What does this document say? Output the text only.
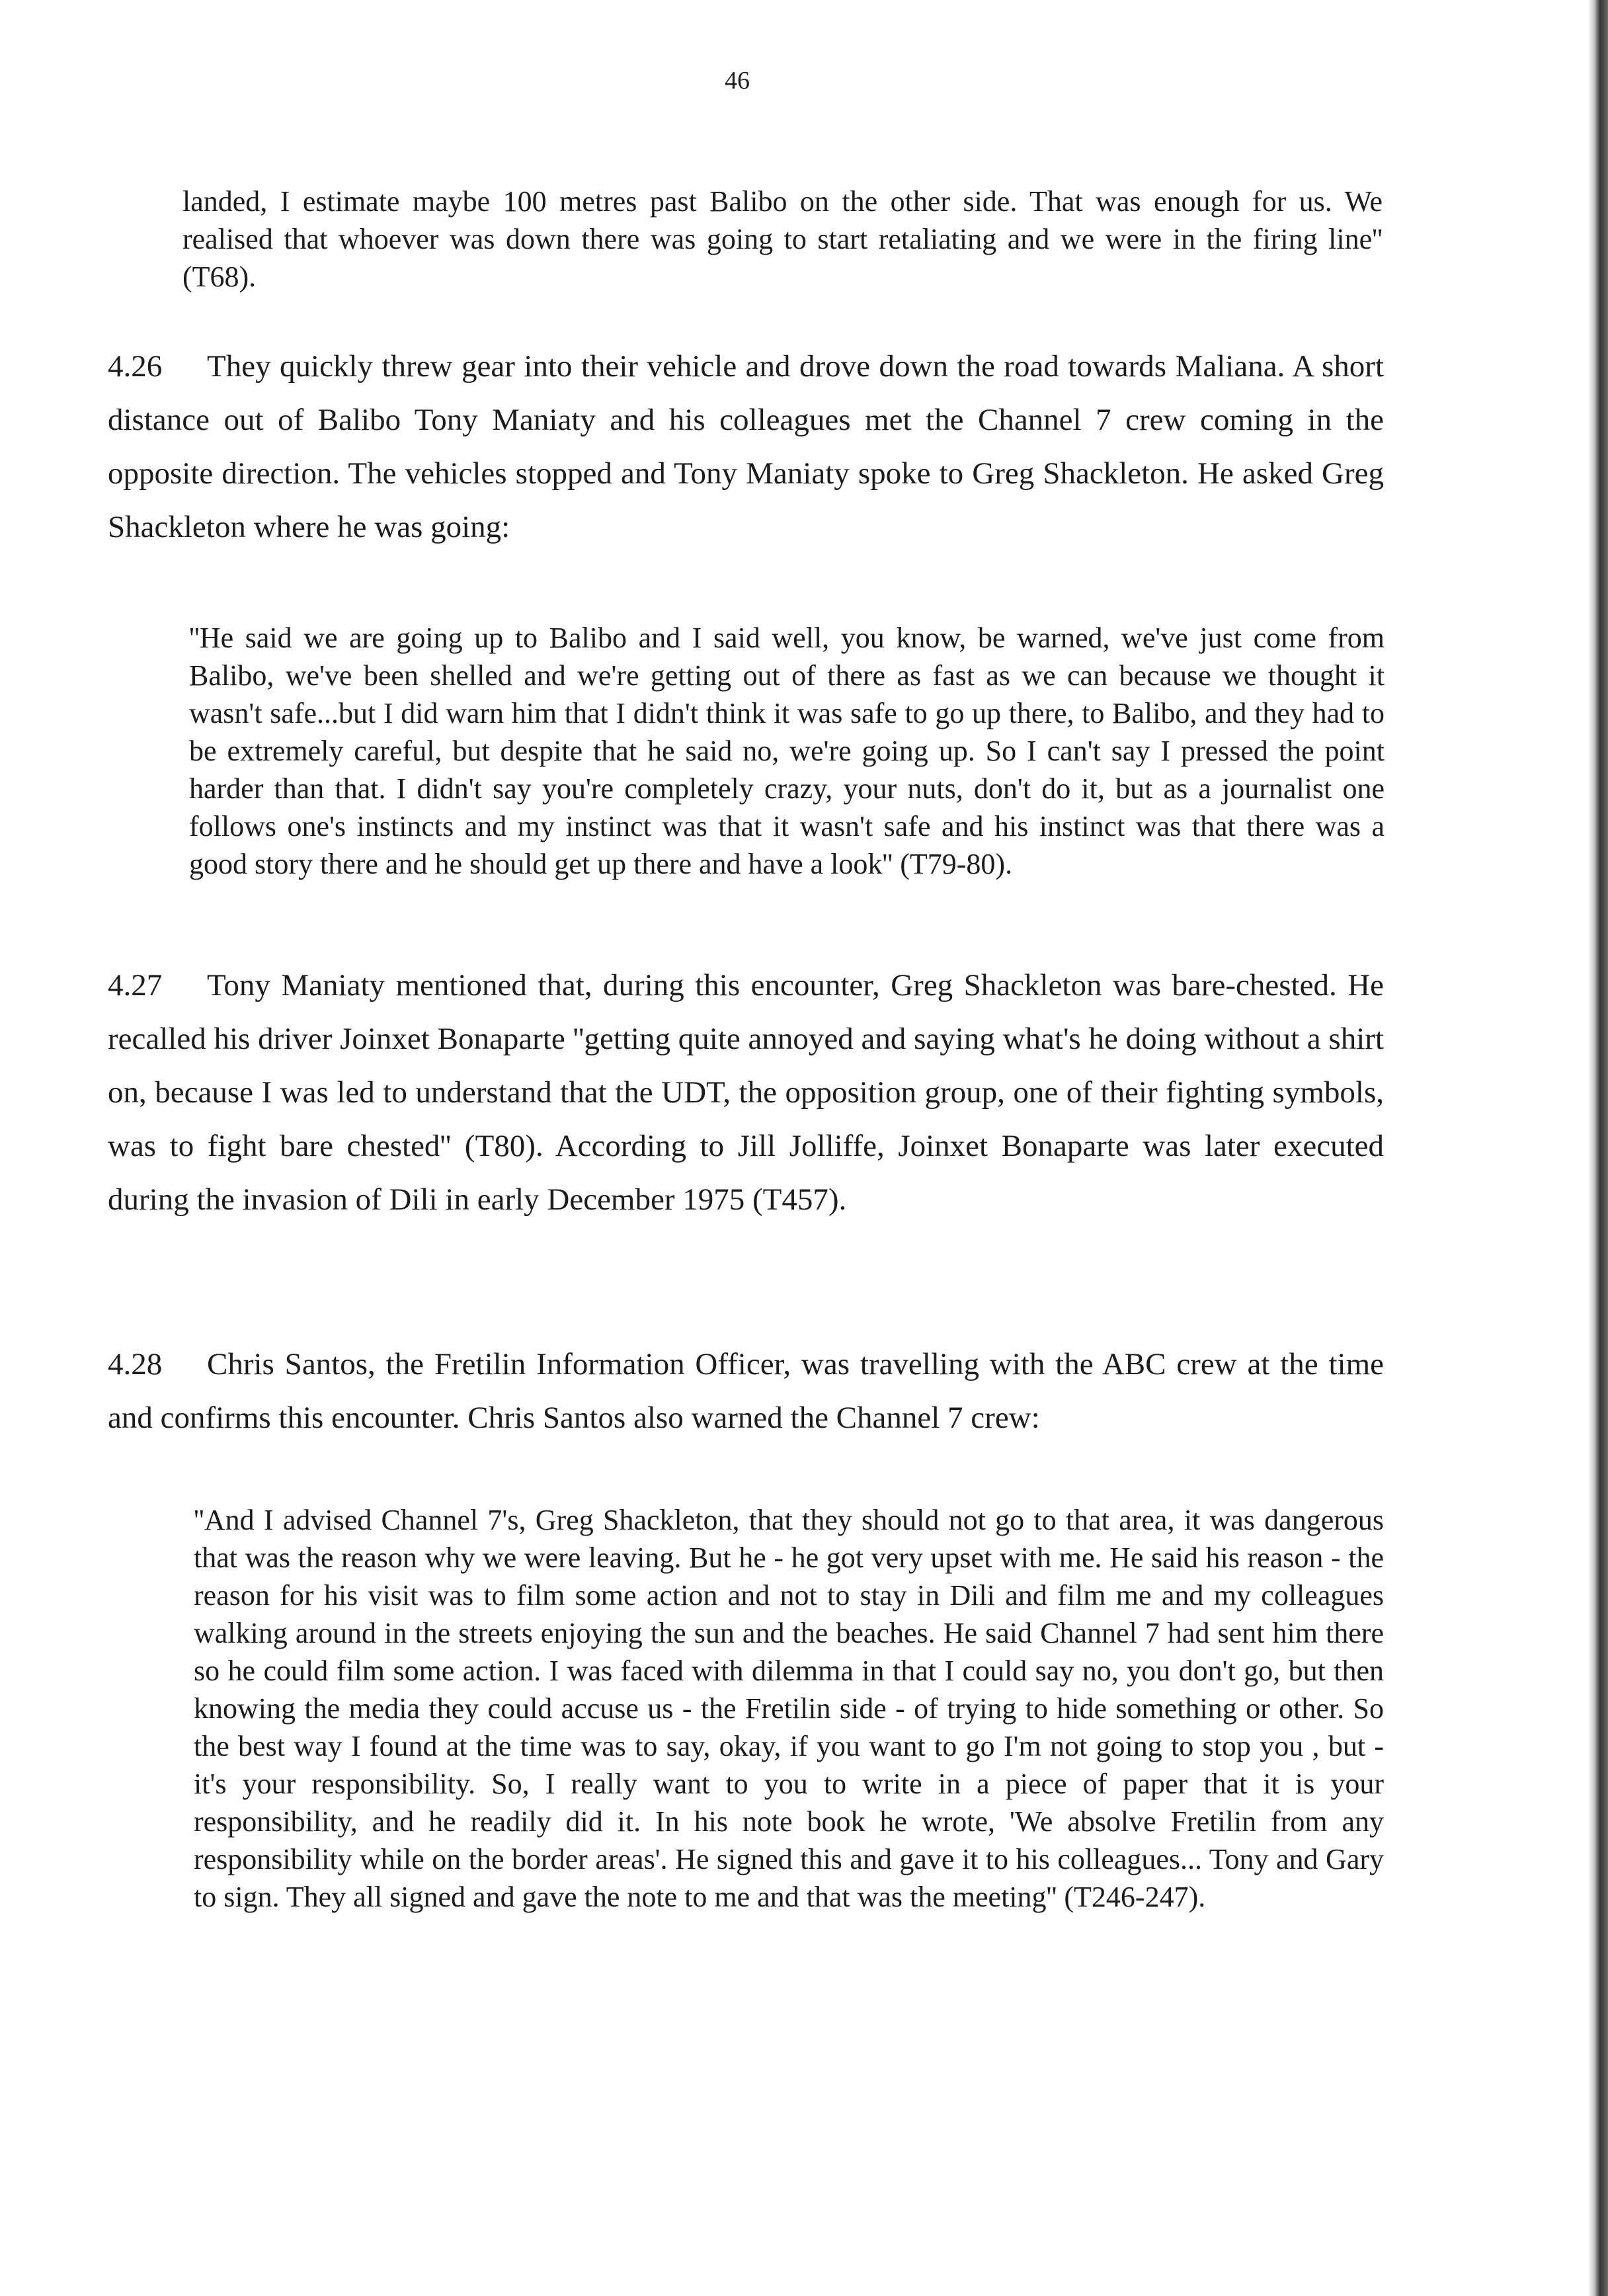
46

landed, I estimate maybe 100 metres past Balibo on the other side. That was enough for us. We realised that whoever was down there was going to start retaliating and we were in the firing line'' (T68).

4.26 They quickly threw gear into their vehicle and drove down the road towards Maliana. A short distance out of Balibo Tony Maniaty and his colleagues met the Channel 7 crew coming in the opposite direction. The vehicles stopped and Tony Maniaty spoke to Greg Shackleton. He asked Greg Shackleton where he was going:

''He said we are going up to Balibo and I said well, you know, be warned, we've just come from Balibo, we've been shelled and we're getting out of there as fast as we can because we thought it wasn't safe...but I did warn him that I didn't think it was safe to go up there, to Balibo, and they had to be extremely careful, but despite that he said no, we're going up. So I can't say I pressed the point harder than that. I didn't say you're completely crazy, your nuts, don't do it, but as a journalist one follows one's instincts and my instinct was that it wasn't safe and his instinct was that there was a good story there and he should get up there and have a look'' (T79-80).

4.27 Tony Maniaty mentioned that, during this encounter, Greg Shackleton was bare-chested. He recalled his driver Joinxet Bonaparte ''getting quite annoyed and saying what's he doing without a shirt on, because I was led to understand that the UDT, the opposition group, one of their fighting symbols, was to fight bare chested'' (T80). According to Jill Jolliffe, Joinxet Bonaparte was later executed during the invasion of Dili in early December 1975 (T457).

4.28 Chris Santos, the Fretilin Information Officer, was travelling with the ABC crew at the time and confirms this encounter. Chris Santos also warned the Channel 7 crew:

''And I advised Channel 7's, Greg Shackleton, that they should not go to that area, it was dangerous that was the reason why we were leaving. But he - he got very upset with me. He said his reason - the reason for his visit was to film some action and not to stay in Dili and film me and my colleagues walking around in the streets enjoying the sun and the beaches. He said Channel 7 had sent him there so he could film some action. I was faced with dilemma in that I could say no, you don't go, but then knowing the media they could accuse us - the Fretilin side - of trying to hide something or other. So the best way I found at the time was to say, okay, if you want to go I'm not going to stop you , but - it's your responsibility. So, I really want to you to write in a piece of paper that it is your responsibility, and he readily did it. In his note book he wrote, 'We absolve Fretilin from any responsibility while on the border areas'. He signed this and gave it to his colleagues... Tony and Gary to sign. They all signed and gave the note to me and that was the meeting'' (T246-247).
